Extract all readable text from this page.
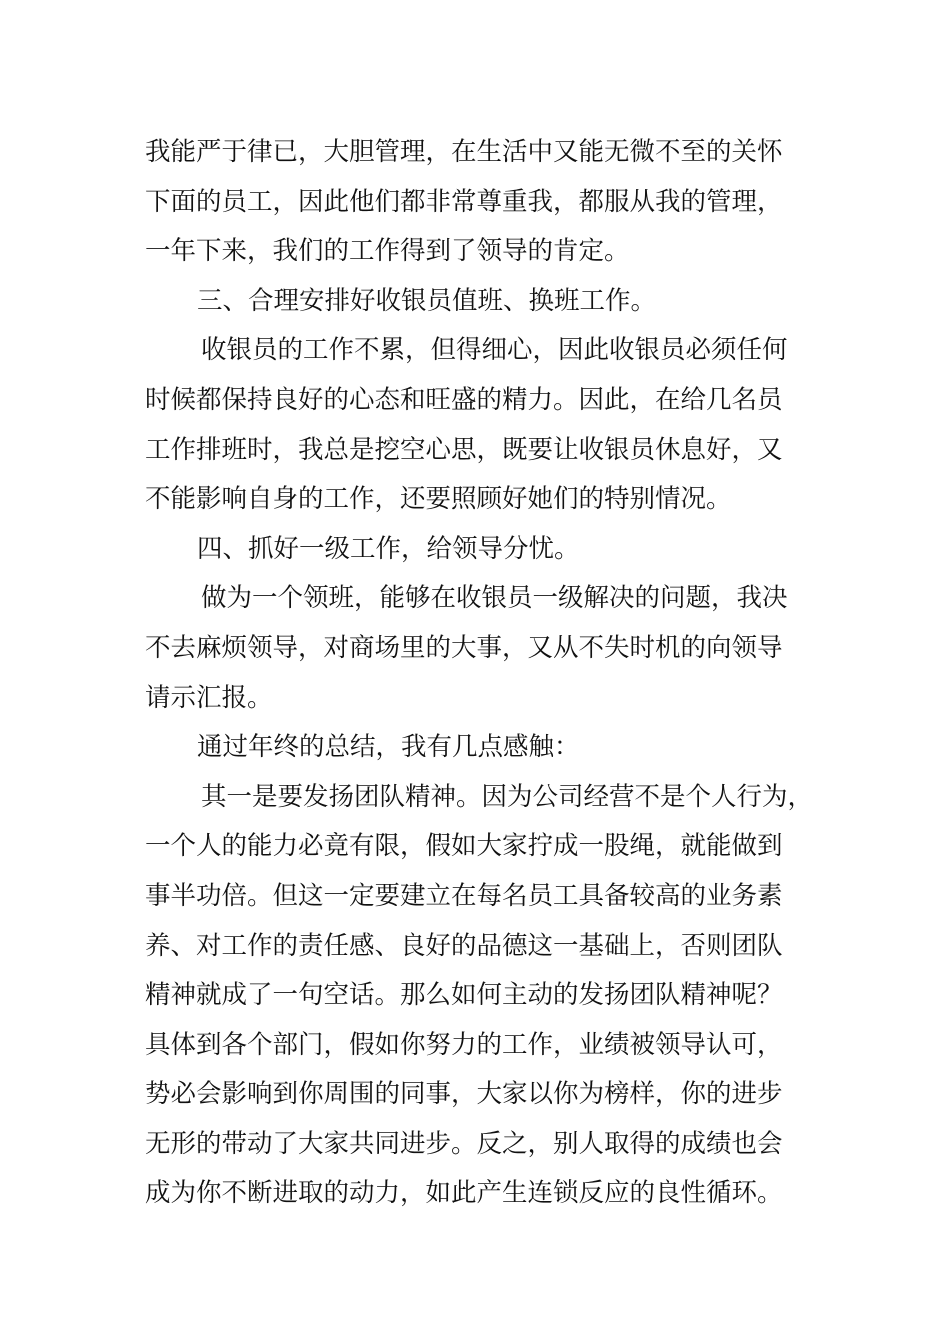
我能严于律已，大胆管理，在生活中又能无微不至的关怀
下面的员工，因此他们都非常尊重我，都服从我的管理，
一年下来，我们的工作得到了领导的肯定。
三、合理安排好收银员值班、换班工作。
收银员的工作不累，但得细心，因此收银员必须任何
时候都保持良好的心态和旺盛的精力。因此，在给几名员
工作排班时，我总是挖空心思，既要让收银员休息好，又
不能影响自身的工作，还要照顾好她们的特别情况。
四、抓好一级工作，给领导分忧。
做为一个领班，能够在收银员一级解决的问题，我决
不去麻烦领导，对商场里的大事，又从不失时机的向领导
请示汇报。
通过年终的总结，我有几点感触：
其一是要发扬团队精神。因为公司经营不是个人行为，
一个人的能力必竟有限，假如大家拧成一股绳，就能做到
事半功倍。但这一定要建立在每名员工具备较高的业务素
养、对工作的责任感、良好的品德这一基础上，否则团队
精神就成了一句空话。那么如何主动的发扬团队精神呢？
具体到各个部门，假如你努力的工作，业绩被领导认可，
势必会影响到你周围的同事，大家以你为榜样，你的进步
无形的带动了大家共同进步。反之，别人取得的成绩也会
成为你不断进取的动力，如此产生连锁反应的良性循环。
